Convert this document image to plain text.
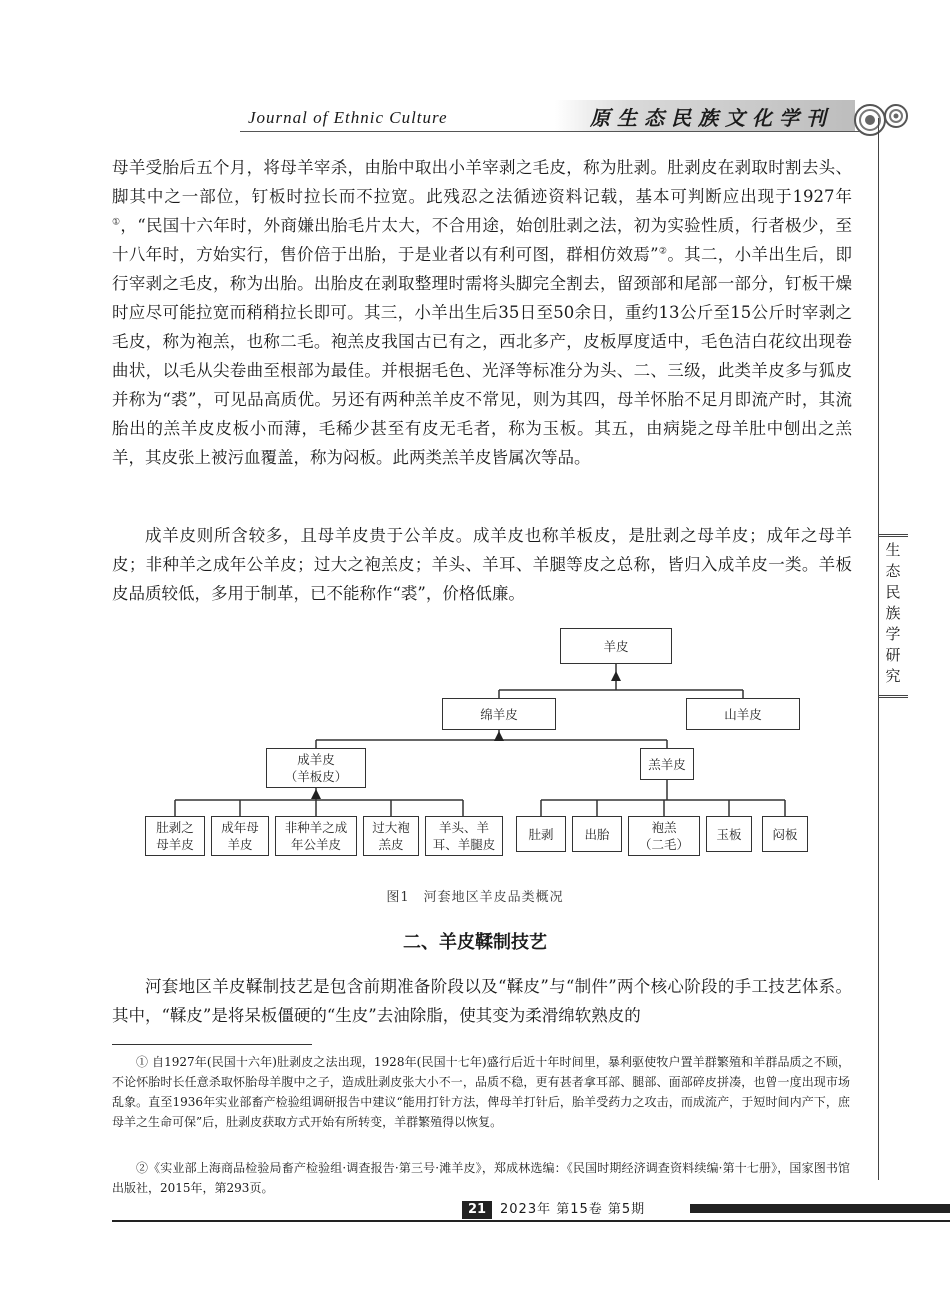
Journal of Ethnic Culture	原生态民族文化学刊
生
态
民
族
学
研
究

母羊受胎后五个月，将母羊宰杀，由胎中取出小羊宰剥之毛皮，称为肚剥。肚剥皮在剥取时割去头、脚其中之一部位，钉板时拉长而不拉宽。此残忍之法循迹资料记载，基本可判断应出现于1927年①，“民国十六年时，外商嫌出胎毛片太大，不合用途，始创肚剥之法，初为实验性质，行者极少，至十八年时，方始实行，售价倍于出胎，于是业者以有利可图，群相仿效焉”②。其二，小羊出生后，即行宰剥之毛皮，称为出胎。出胎皮在剥取整理时需将头脚完全割去，留颈部和尾部一部分，钉板干燥时应尽可能拉宽而稍稍拉长即可。其三，小羊出生后35日至50余日，重约13公斤至15公斤时宰剥之毛皮，称为袍羔，也称二毛。袍羔皮我国古已有之，西北多产，皮板厚度适中，毛色洁白花纹出现卷曲状，以毛从尖卷曲至根部为最佳。并根据毛色、光泽等标准分为头、二、三级，此类羊皮多与狐皮并称为“裘”，可见品高质优。另还有两种羔羊皮不常见，则为其四，母羊怀胎不足月即流产时，其流胎出的羔羊皮皮板小而薄，毛稀少甚至有皮无毛者，称为玉板。其五，由病毙之母羊肚中刨出之羔羊，其皮张上被污血覆盖，称为闷板。此两类羔羊皮皆属次等品。

成羊皮则所含较多，且母羊皮贵于公羊皮。成羊皮也称羊板皮，是肚剥之母羊皮；成年之母羊皮；非种羊之成年公羊皮；过大之袍羔皮；羊头、羊耳、羊腿等皮之总称，皆归入成羊皮一类。羊板皮品质较低，多用于制革，已不能称作“裘”，价格低廉。

羊皮
绵羊皮	山羊皮
成羊皮
（羊板皮）
羔羊皮
肚剥之
母羊皮
成年母
羊皮
非种羊之成
年公羊皮
过大袍
羔皮
羊头、羊
耳、羊腿皮
肚剥	出胎	袍羔
（二毛）
玉板	闷板
图1　河套地区羊皮品类概况
二、羊皮鞣制技艺

河套地区羊皮鞣制技艺是包含前期准备阶段以及“鞣皮”与“制件”两个核心阶段的手工技艺体系。其中，“鞣皮”是将呆板僵硬的“生皮”去油除脂，使其变为柔滑绵软熟皮的

① 自1927年(民国十六年)肚剥皮之法出现，1928年(民国十七年)盛行后近十年时间里，暴利驱使牧户置羊群繁殖和羊群品质之不顾，不论怀胎时长任意杀取怀胎母羊腹中之子，造成肚剥皮张大小不一，品质不稳，更有甚者拿耳部、腿部、面部碎皮拼凑，也曾一度出现市场乱象。直至1936年实业部畜产检验组调研报告中建议“能用打针方法，俾母羊打针后，胎羊受药力之攻击，而成流产，于短时间内产下，庶母羊之生命可保”后，肚剥皮获取方式开始有所转变，羊群繁殖得以恢复。

②《实业部上海商品检验局畜产检验组·调查报告·第三号·滩羊皮》，郑成林选编：《民国时期经济调查资料续编·第十七册》，国家图书馆出版社，2015年，第293页。

21	2023年 第15卷 第5期
